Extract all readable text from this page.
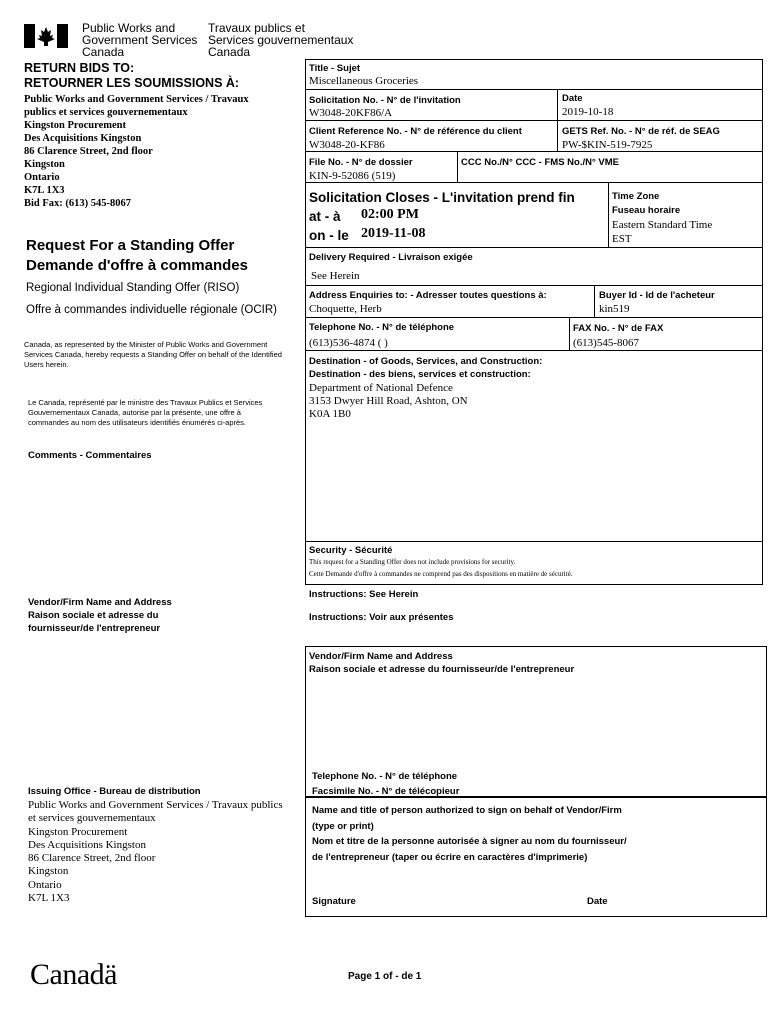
Public Works and
Government Services
Canada
Travaux publics et
Services gouvernementaux
Canada
RETURN BIDS TO:
RETOURNER LES SOUMISSIONS À:
Public Works and Government Services / Travaux
publics et services gouvernementaux
Kingston Procurement
Des Acquisitions Kingston
86 Clarence Street, 2nd floor
Kingston
Ontario
K7L 1X3
Bid Fax: (613) 545-8067
Request For a Standing Offer
Demande d'offre à commandes
Regional Individual Standing Offer (RISO)
Offre à commandes individuelle régionale (OCIR)
Canada, as represented by the Minister of Public Works and Government Services Canada, hereby requests a Standing Offer on behalf of the Identified Users herein.
Le Canada, représenté par le ministre des Travaux Publics et Services Gouvernementaux Canada, autorise par la présente, une offre à commandes au nom des utilisateurs identifiés énumérés ci-après.
Comments - Commentaires
Vendor/Firm Name and Address
Raison sociale et adresse du
fournisseur/de l'entrepreneur
Issuing Office - Bureau de distribution
Public Works and Government Services / Travaux publics
et services gouvernementaux
Kingston Procurement
Des Acquisitions Kingston
86 Clarence Street, 2nd floor
Kingston
Ontario
K7L 1X3
Title - Sujet
Miscellaneous Groceries
Solicitation No. - N° de l'invitation
W3048-20KF86/A
Date
2019-10-18
Client Reference No. - N° de référence du client
W3048-20-KF86
GETS Ref. No. - N° de réf. de SEAG
PW-$KIN-519-7925
File No. - N° de dossier
KIN-9-52086 (519)
CCC No./N° CCC - FMS No./N° VME
Solicitation Closes - L'invitation prend fin
at - à 02:00 PM
on - le 2019-11-08
Time Zone
Fuseau horaire
Eastern Standard Time
EST
Delivery Required - Livraison exigée
See Herein
Address Enquiries to: - Adresser toutes questions à:
Choquette, Herb
Buyer Id - Id de l'acheteur
kin519
Telephone No. - N° de téléphone
(613)536-4874 ( )
FAX No. - N° de FAX
(613)545-8067
Destination - of Goods, Services, and Construction:
Destination - des biens, services et construction:
Department of National Defence
3153 Dwyer Hill Road, Ashton, ON
K0A 1B0
Security - Sécurité
This request for a Standing Offer does not include provisions for security.
Cette Demande d'offre à commandes ne comprend pas des dispositions en matière de sécurité.
Instructions: See Herein
Instructions: Voir aux présentes
Vendor/Firm Name and Address
Raison sociale et adresse du fournisseur/de l'entrepreneur
Telephone No. - N° de téléphone
Facsimile No. - N° de télécopieur
Name and title of person authorized to sign on behalf of Vendor/Firm
(type or print)
Nom et titre de la personne autorisée à signer au nom du fournisseur/
de l'entrepreneur (taper ou écrire en caractères d'imprimerie)
Signature	Date
Canadä	Page 1 of - de 1
